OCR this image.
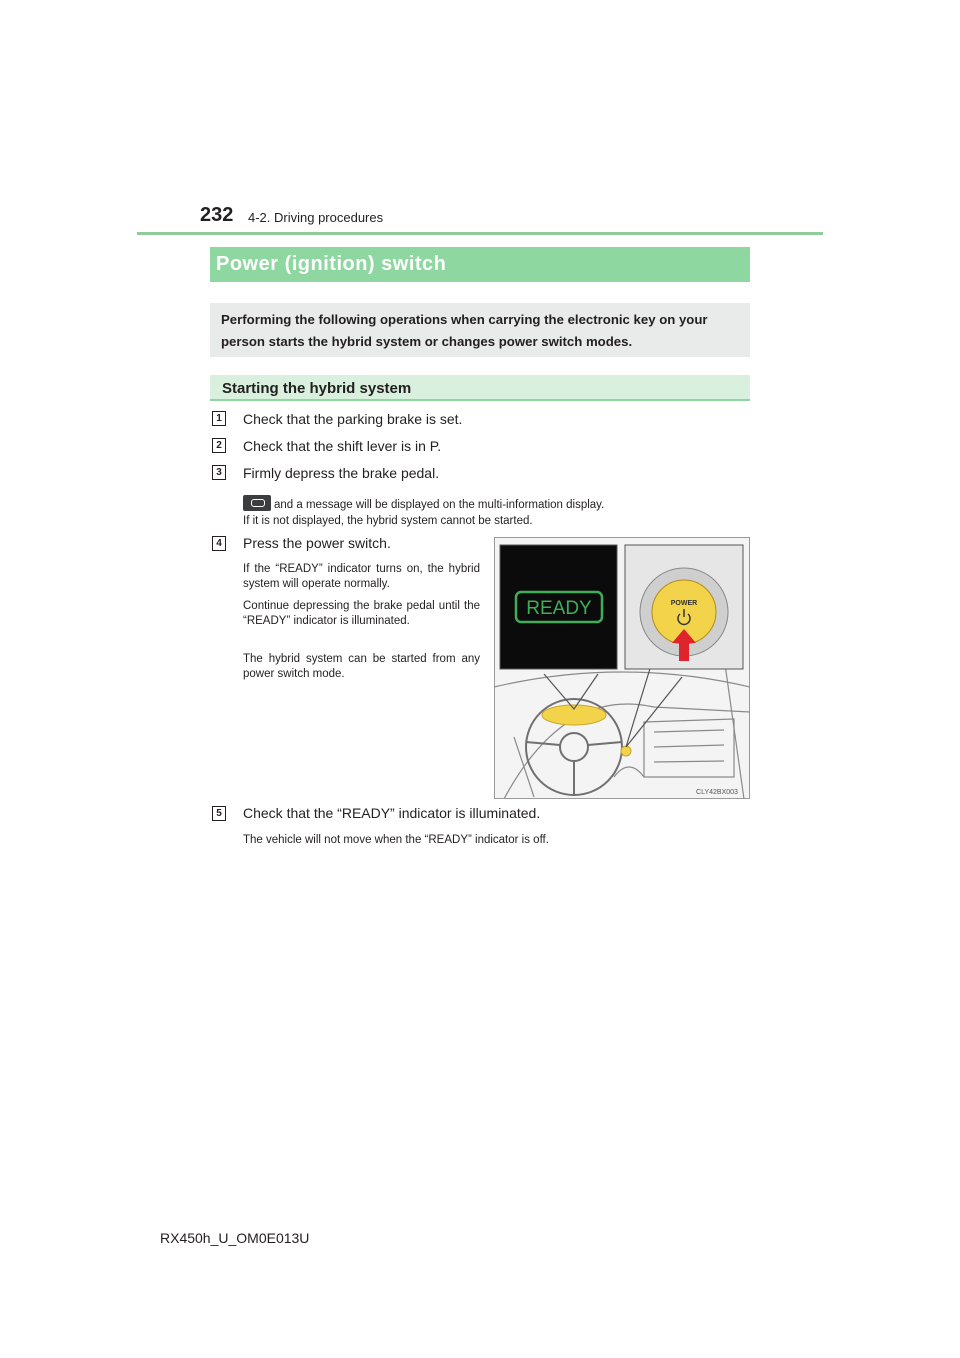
232 4-2. Driving procedures
Power (ignition) switch
Performing the following operations when carrying the electronic key on your person starts the hybrid system or changes power switch modes.
Starting the hybrid system
1	Check that the parking brake is set.
2	Check that the shift lever is in P.
3	Firmly depress the brake pedal.
and a message will be displayed on the multi-information display.
If it is not displayed, the hybrid system cannot be started.
4	Press the power switch.
If the “READY” indicator turns on, the hybrid system will operate normally.
Continue depressing the brake pedal until the “READY” indicator is illuminated.
The hybrid system can be started from any power switch mode.
READY	POWER
CLY42BX003
5	Check that the “READY” indicator is illuminated.
The vehicle will not move when the “READY” indicator is off.
RX450h_U_OM0E013U
